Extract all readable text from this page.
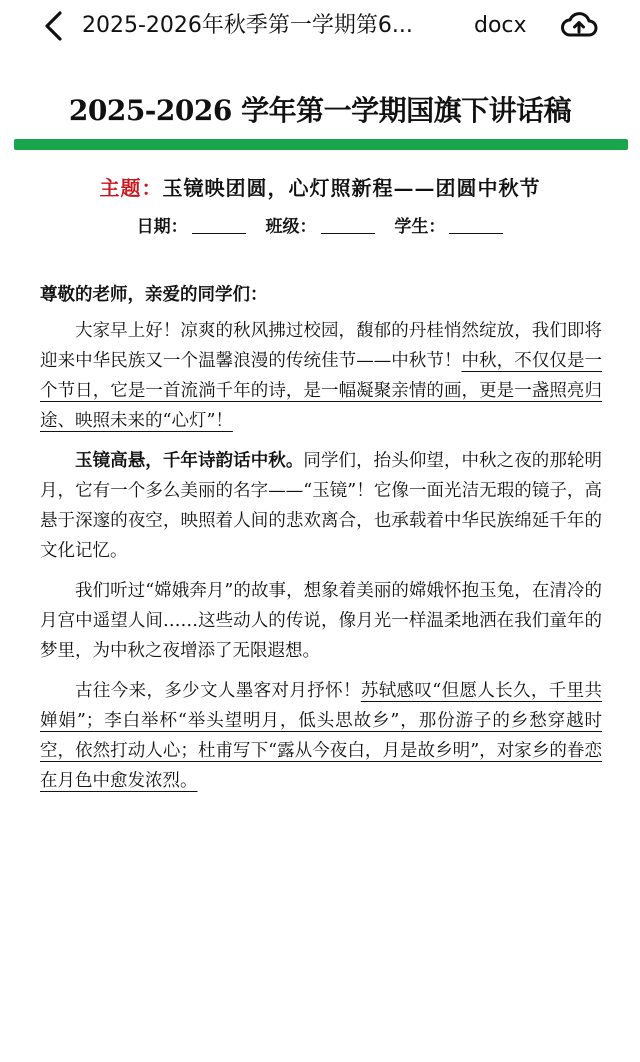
2025-2026年秋季第一学期第6...	docx
2025-2026 学年第一学期国旗下讲话稿
主题：玉镜映团圆，心灯照新程——团圆中秋节
日期：	班级：	学生：

尊敬的老师，亲爱的同学们：

大家早上好！凉爽的秋风拂过校园，馥郁的丹桂悄然绽放，我们即将迎来中华民族又一个温馨浪漫的传统佳节——中秋节！中秋，不仅仅是一个节日，它是一首流淌千年的诗，是一幅凝聚亲情的画，更是一盏照亮归途、映照未来的“心灯”！

玉镜高悬，千年诗韵话中秋。同学们，抬头仰望，中秋之夜的那轮明月，它有一个多么美丽的名字——“玉镜”！它像一面光洁无瑕的镜子，高悬于深邃的夜空，映照着人间的悲欢离合，也承载着中华民族绵延千年的文化记忆。

我们听过“嫦娥奔月”的故事，想象着美丽的嫦娥怀抱玉兔，在清冷的月宫中遥望人间……这些动人的传说，像月光一样温柔地洒在我们童年的梦里，为中秋之夜增添了无限遐想。

古往今来，多少文人墨客对月抒怀！苏轼感叹“但愿人长久，千里共婵娟”；李白举杯“举头望明月，低头思故乡”，那份游子的乡愁穿越时空，依然打动人心；杜甫写下“露从今夜白，月是故乡明”，对家乡的眷恋在月色中愈发浓烈。
